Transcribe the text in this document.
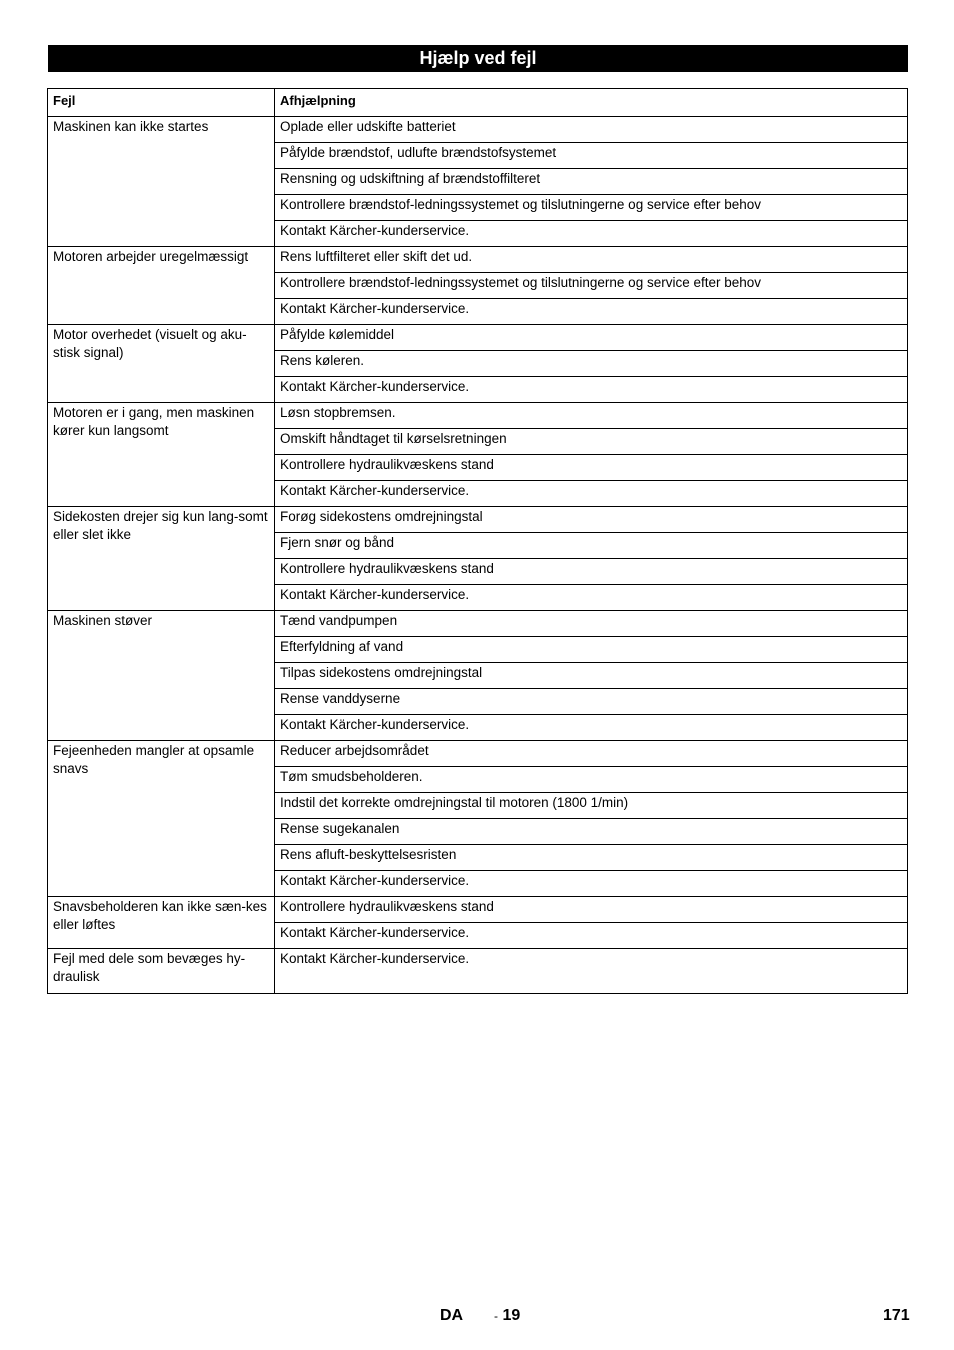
Hjælp ved fejl
Fejl	Afhjælpning
Maskinen kan ikke startes	Oplade eller udskifte batteriet
	Påfylde brændstof, udlufte brændstofsystemet
	Rensning og udskiftning af brændstoffilteret
	Kontrollere brændstof-ledningssystemet og tilslutningerne og service efter behov
	Kontakt Kärcher-kunderservice.
Motoren arbejder uregelmæssigt	Rens luftfilteret eller skift det ud.
	Kontrollere brændstof-ledningssystemet og tilslutningerne og service efter behov
	Kontakt Kärcher-kunderservice.
Motor overhedet (visuelt og aku-stisk signal)	Påfylde kølemiddel
	Rens køleren.
	Kontakt Kärcher-kunderservice.
Motoren er i gang, men maskinen kører kun langsomt	Løsn stopbremsen.
	Omskift håndtaget til kørselsretningen
	Kontrollere hydraulikvæskens stand
	Kontakt Kärcher-kunderservice.
Sidekosten drejer sig kun lang-somt eller slet ikke	Forøg sidekostens omdrejningstal
	Fjern snør og bånd
	Kontrollere hydraulikvæskens stand
	Kontakt Kärcher-kunderservice.
Maskinen støver	Tænd vandpumpen
	Efterfyldning af vand
	Tilpas sidekostens omdrejningstal
	Rense vanddyserne
	Kontakt Kärcher-kunderservice.
Fejeenheden mangler at opsamle snavs	Reducer arbejdsområdet
	Tøm smudsbeholderen.
	Indstil det korrekte omdrejningstal til motoren (1800 1/min)
	Rense sugekanalen
	Rens afluft-beskyttelsesristen
	Kontakt Kärcher-kunderservice.
Snavsbeholderen kan ikke sæn-kes eller løftes	Kontrollere hydraulikvæskens stand
	Kontakt Kärcher-kunderservice.
Fejl med dele som bevæges hy-draulisk	Kontakt Kärcher-kunderservice.
DA	- 19	171
